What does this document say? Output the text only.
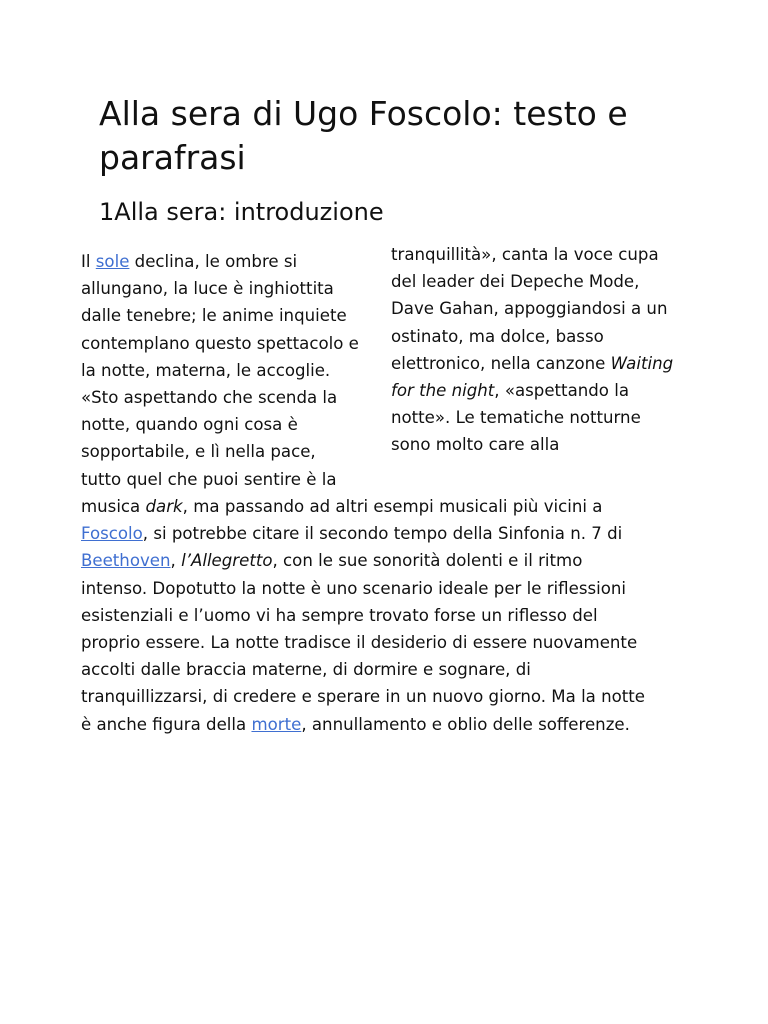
Alla sera di Ugo Foscolo: testo e parafrasi
1Alla sera: introduzione
Il sole declina, le ombre si
allungano, la luce è inghiottita
dalle tenebre; le anime inquiete
contemplano questo spettacolo e
la notte, materna, le accoglie.
«Sto aspettando che scenda la
notte, quando ogni cosa è
sopportabile, e lì nella pace,
tutto quel che puoi sentire è la
tranquillità», canta la voce cupa
del leader dei Depeche Mode,
Dave Gahan, appoggiandosi a un
ostinato, ma dolce, basso
elettronico, nella canzone Waiting
for the night, «aspettando la
notte». Le tematiche notturne
sono molto care alla
musica dark, ma passando ad altri esempi musicali più vicini a
Foscolo, si potrebbe citare il secondo tempo della Sinfonia n. 7 di
Beethoven, l’Allegretto, con le sue sonorità dolenti e il ritmo
intenso. Dopotutto la notte è uno scenario ideale per le riflessioni
esistenziali e l’uomo vi ha sempre trovato forse un riflesso del
proprio essere. La notte tradisce il desiderio di essere nuovamente
accolti dalle braccia materne, di dormire e sognare, di
tranquillizzarsi, di credere e sperare in un nuovo giorno. Ma la notte
è anche figura della morte, annullamento e oblio delle sofferenze.
